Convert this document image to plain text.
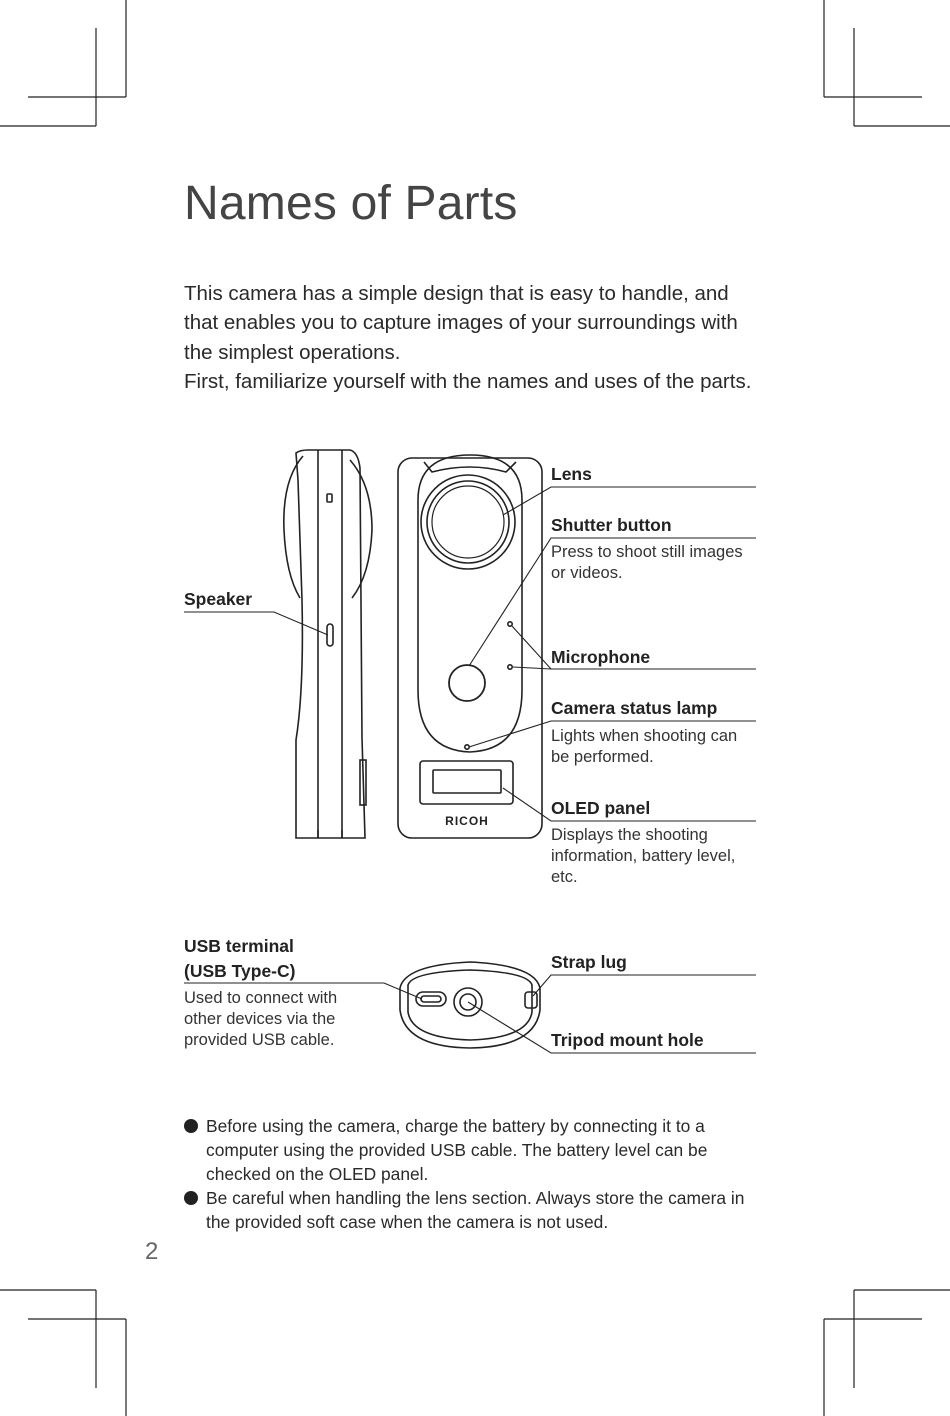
Names of Parts

This camera has a simple design that is easy to handle, and that enables you to capture images of your surroundings with the simplest operations.

First, familiarize yourself with the names and uses of the parts.

RICOH
Speaker
Lens
Shutter button
Press to shoot still images or videos.
Microphone
Camera status lamp
Lights when shooting can be performed.
OLED panel
Displays the shooting information, battery level, etc.
USB terminal
(USB Type-C)
Used to connect with other devices via the provided USB cable.
Strap lug
Tripod mount hole
Before using the camera, charge the battery by connecting it to a computer using the provided USB cable. The battery level can be checked on the OLED panel.
Be careful when handling the lens section. Always store the camera in the provided soft case when the camera is not used.
2
